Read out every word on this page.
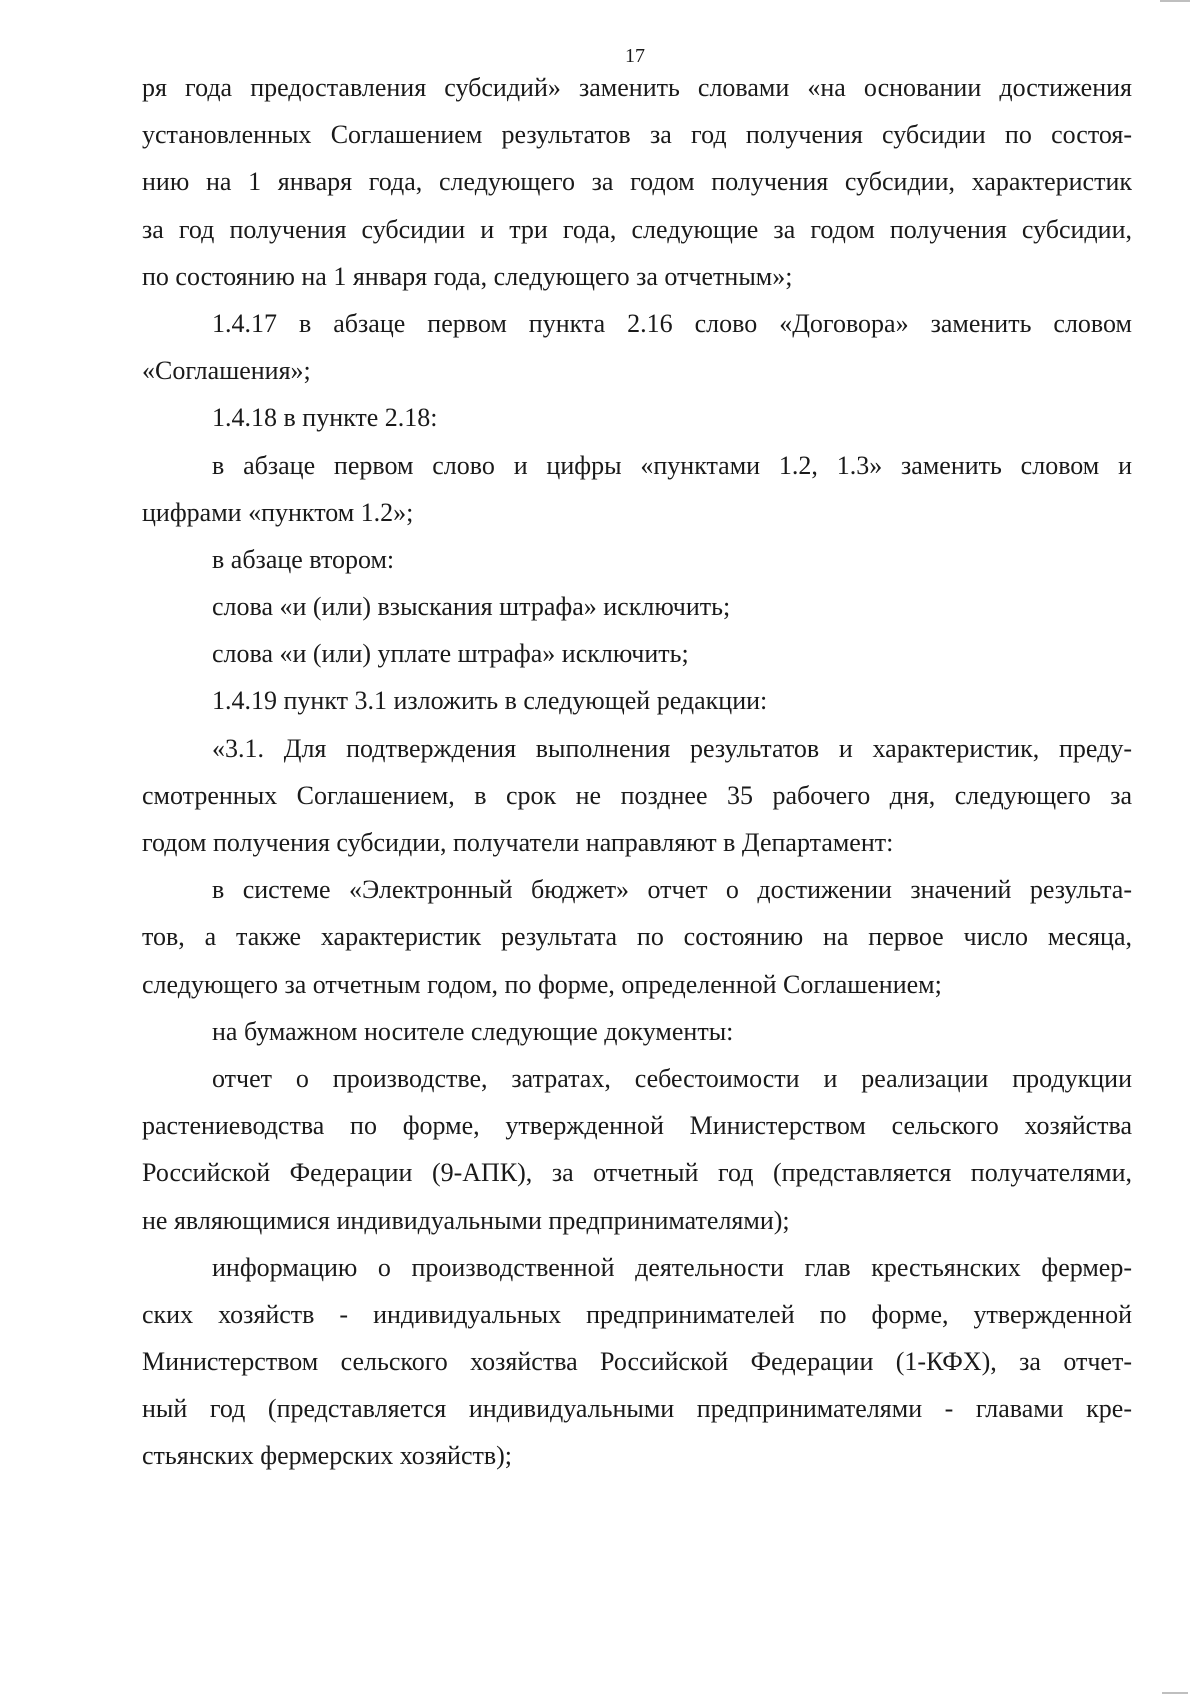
17
ря года предоставления субсидий» заменить словами «на основании достижения
установленных Соглашением результатов за год получения субсидии по состоя-
нию на 1 января года, следующего за годом получения субсидии, характеристик
за год получения субсидии и три года, следующие за годом получения субсидии,
по состоянию на 1 января года, следующего за отчетным»;
1.4.17 в абзаце первом пункта 2.16 слово «Договора» заменить словом
«Соглашения»;
1.4.18 в пункте 2.18:
в абзаце первом слово и цифры «пунктами 1.2, 1.3» заменить словом и
цифрами «пунктом 1.2»;
в абзаце втором:
слова «и (или) взыскания штрафа» исключить;
слова «и (или) уплате штрафа» исключить;
1.4.19 пункт 3.1 изложить в следующей редакции:
«3.1. Для подтверждения выполнения результатов и характеристик, преду-
смотренных Соглашением, в срок не позднее 35 рабочего дня, следующего за
годом получения субсидии, получатели направляют в Департамент:
в системе «Электронный бюджет» отчет о достижении значений результа-
тов, а также характеристик результата по состоянию на первое число месяца,
следующего за отчетным годом, по форме, определенной Соглашением;
на бумажном носителе следующие документы:
отчет о производстве, затратах, себестоимости и реализации продукции
растениеводства по форме, утвержденной Министерством сельского хозяйства
Российской Федерации (9-АПК), за отчетный год (представляется получателями,
не являющимися индивидуальными предпринимателями);
информацию о производственной деятельности глав крестьянских фермер-
ских хозяйств - индивидуальных предпринимателей по форме, утвержденной
Министерством сельского хозяйства Российской Федерации (1-КФХ), за отчет-
ный год (представляется индивидуальными предпринимателями - главами кре-
стьянских фермерских хозяйств);
